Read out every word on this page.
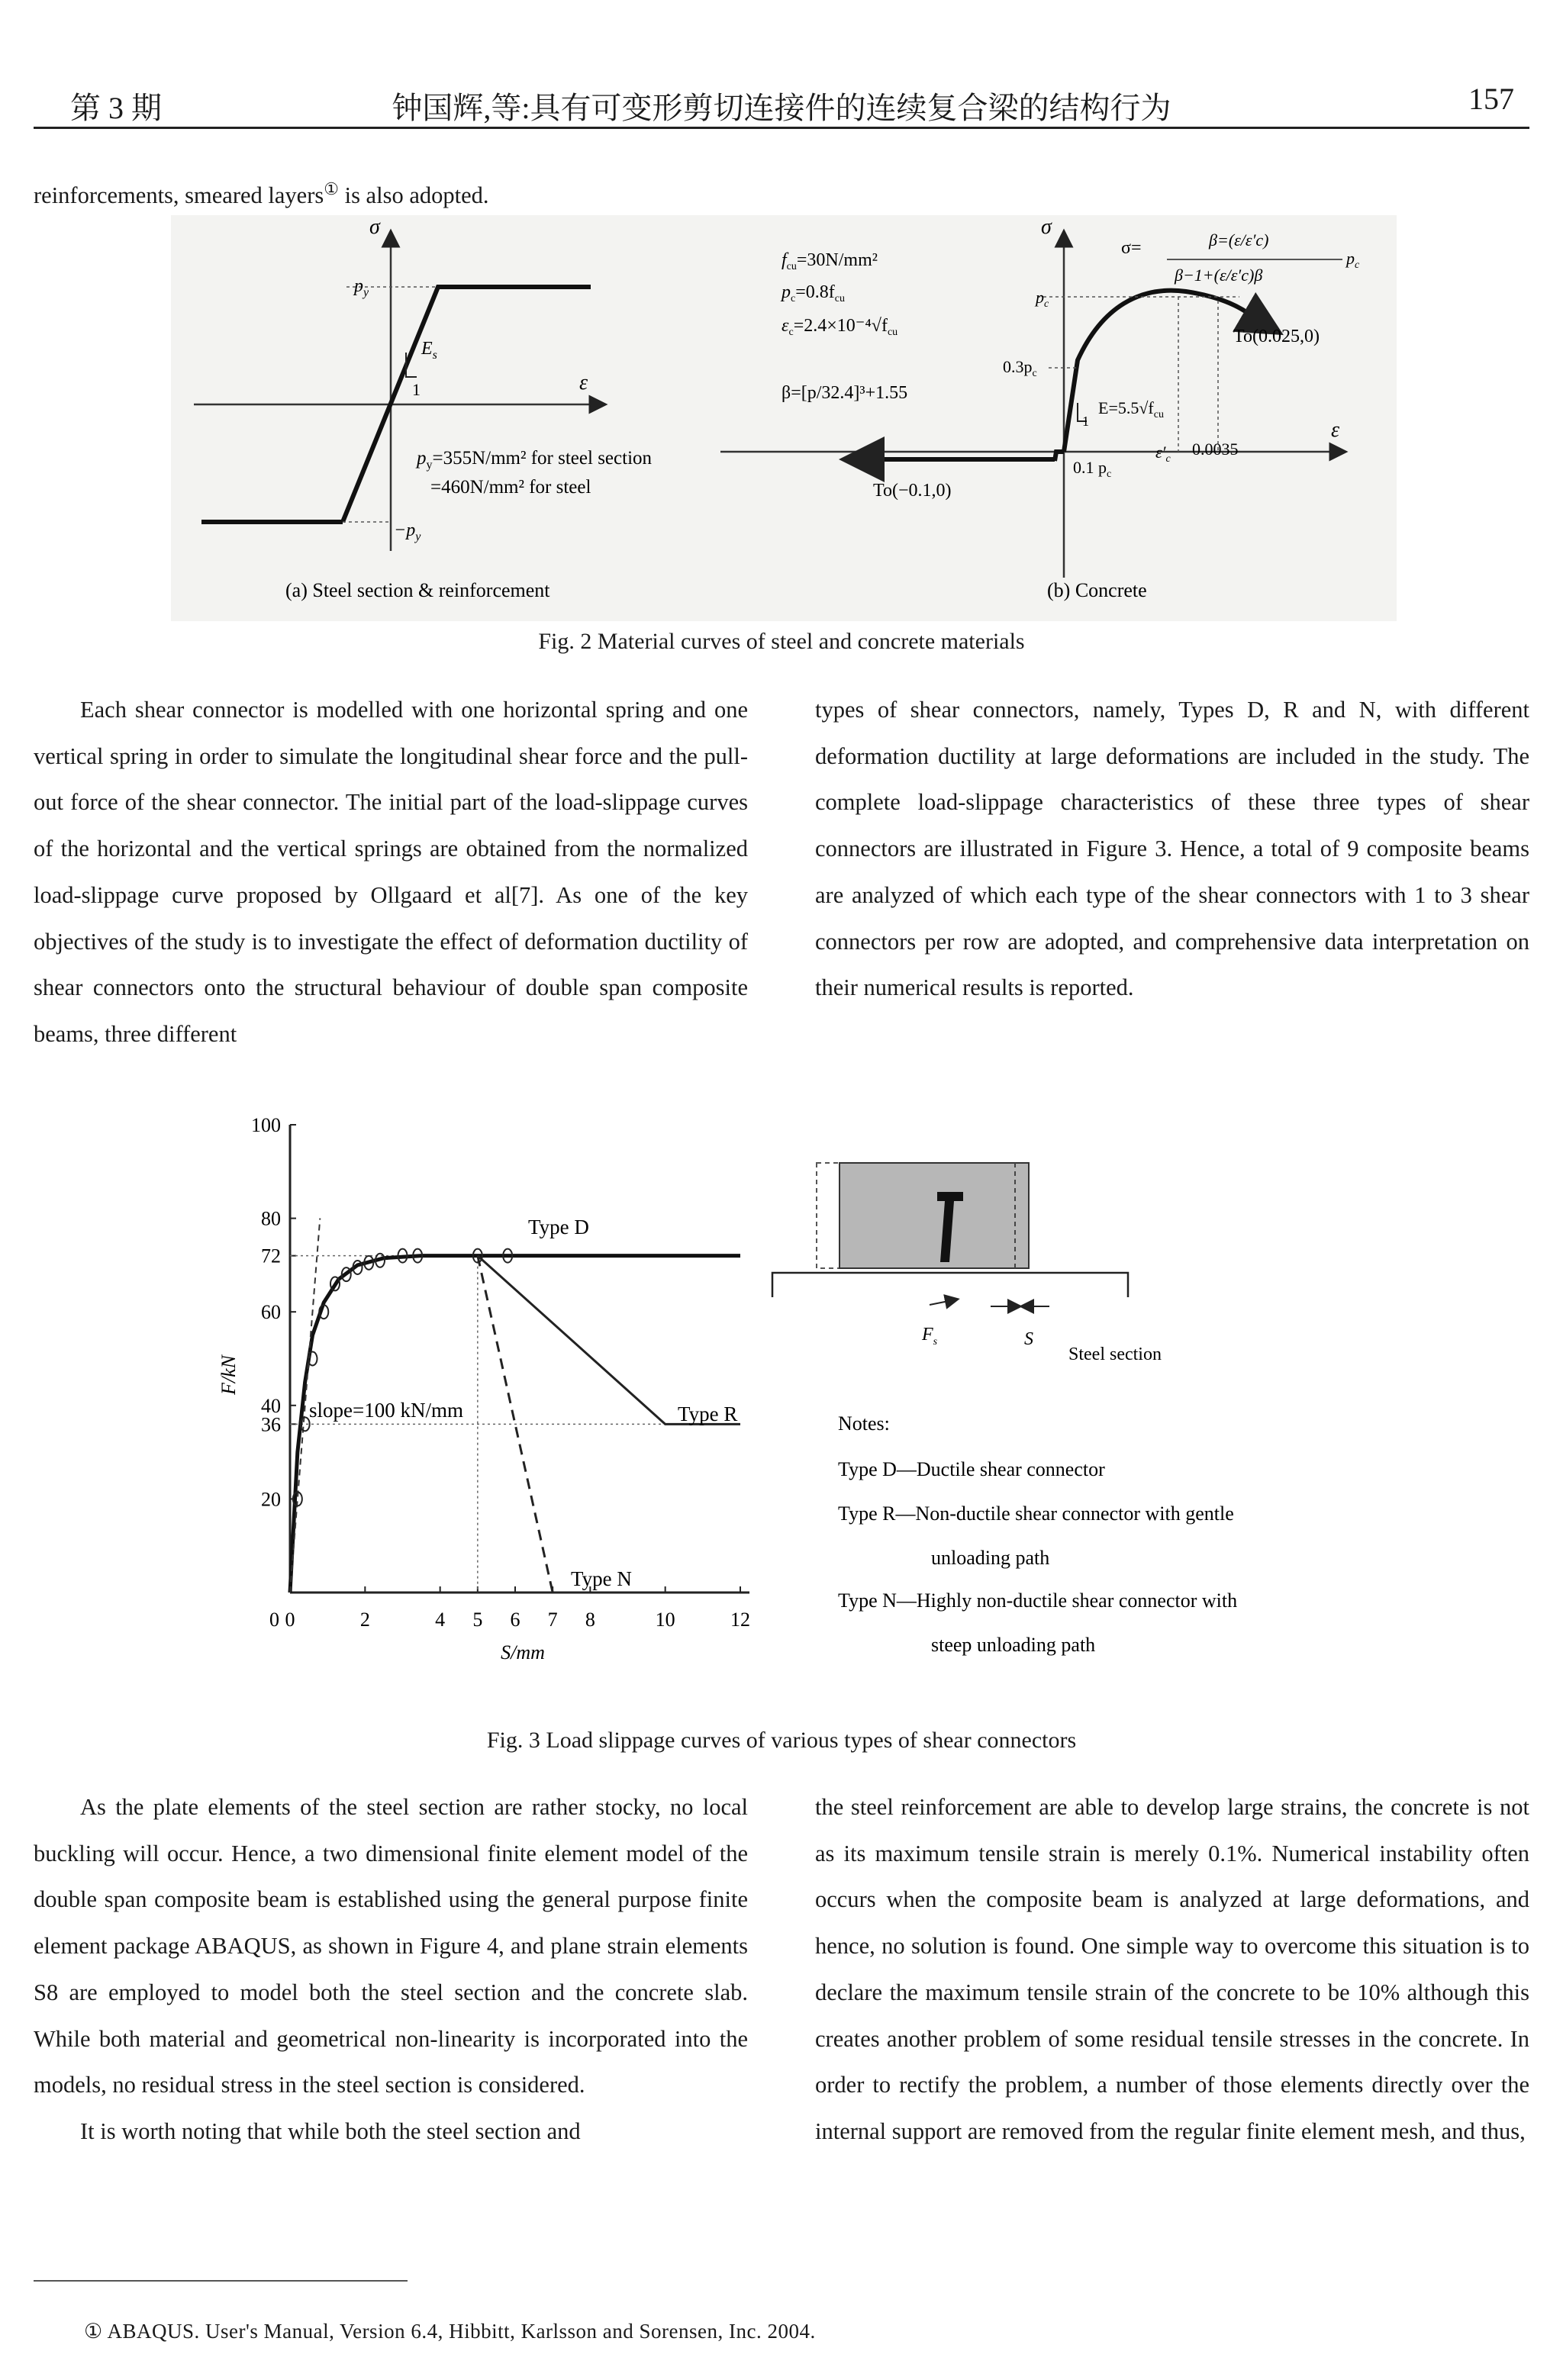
第 3 期	钟国辉,等:具有可变形剪切连接件的连续复合梁的结构行为	157
reinforcements, smeared layers① is also adopted.
σ
ε
$p_y$
$-p_y$
$E_s$
1
$p_y=355N$/mm² for steel section
=460N/mm² for steel
(a) Steel section & reinforcement
σ
ε
$f_{cu}=30N$/mm²
$p_c=0.8f_{cu}$
$\varepsilon_c=2.4\times 10^{-4}√f_{cu}$
β=[p/32.4]³+1.55
σ=	β=(ε/ε′c)
β−1+(ε/ε′c)β
$p_c$
$p_c$
$0.3p_c$
0.1 $p_c$
$E=5.5√f_{cu}$
1
To(0.025,0)
To(−0.1,0)
$\varepsilon'_c$
0.0035
(b) Concrete
Fig. 2 Material curves of steel and concrete materials

Each shear connector is modelled with one horizontal spring and one vertical spring in order to simulate the longitudinal shear force and the pull-out force of the shear connector. The initial part of the load-slippage curves of the horizontal and the vertical springs are obtained from the normalized load-slippage curve proposed by Ollgaard et al[7]. As one of the key objectives of the study is to investigate the effect of deformation ductility of shear connectors onto the structural behaviour of double span composite beams, three different

types of shear connectors, namely, Types D, R and N, with different deformation ductility at large deformations are included in the study. The complete load-slippage characteristics of these three types of shear connectors are illustrated in Figure 3. Hence, a total of 9 composite beams are analyzed of which each type of the shear connectors with 1 to 3 shear connectors per row are adopted, and comprehensive data interpretation on their numerical results is reported.

0	2	4 5 6 7 8	10	12
0
20
36
40
60
72
80
100
S/mm
F/kN
slope=100 kN/mm
Type D
Type R
Type N
$F_s$	S
Steel section
Notes:
Type D—Ductile shear connector
Type R—Non-ductile shear connector with gentle
unloading path
Type N—Highly non-ductile shear connector with
steep unloading path
Fig. 3 Load slippage curves of various types of shear connectors

As the plate elements of the steel section are rather stocky, no local buckling will occur. Hence, a two dimensional finite element model of the double span composite beam is established using the general purpose finite element package ABAQUS, as shown in Figure 4, and plane strain elements S8 are employed to model both the steel section and the concrete slab. While both material and geometrical non-linearity is incorporated into the models, no residual stress in the steel section is considered.

It is worth noting that while both the steel section and

the steel reinforcement are able to develop large strains, the concrete is not as its maximum tensile strain is merely 0.1%. Numerical instability often occurs when the composite beam is analyzed at large deformations, and hence, no solution is found. One simple way to overcome this situation is to declare the maximum tensile strain of the concrete to be 10% although this creates another problem of some residual tensile stresses in the concrete. In order to rectify the problem, a number of those elements directly over the internal support are removed from the regular finite element mesh, and thus,

① ABAQUS. User's Manual, Version 6.4, Hibbitt, Karlsson and Sorensen, Inc. 2004.
